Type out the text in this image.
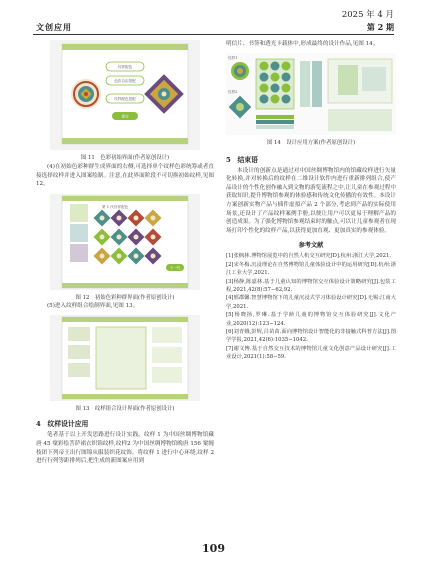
2025 年 4 月
文创应用	第 2 期
纹样配色
色彩自由搭配
纹样配色搭配
提交
图 11　色彩初始界面(作者原创设计)
(4)在初始色彩种群生成界面的右侧,可选择单个纹样色彩统筹或者直接选择纹样并进入图案绘制。注意,在此界面阶段不可切换初始纹样,见图 12。
第 1 代纹样配色
下一代
图 12　初始色彩种群界面(作者原创设计)
(5)进入纹样组合绘制界面,见图 13。
图 13　纹样组合设计界面(作者原创设计)
4　纹样设计应用
笔者基于以上开发思路进行设计实践。纹样 1 为中国丝绸博物馆藏唐 45 窠彩绘菩萨裙衣织锦纹样,纹样2 为中国丝绸博物馆晚唐 156 窠缠枝团下列帝王出行图锦从服装织花纹饰。将纹样 1 进行中心环绕,纹样 2 进行行列等距排列后,把生成的新图案应用到
明信片、书签和透光卡载体中,形成最终的设计作品,见图 14。
纹样1
纹样2
图 14　设计应用方案(作者原创设计)
5　结束语
本设计的创新点是通过对中国丝绸博物馆内的馆藏纹样进行矢量化转换,并对转换后的纹样在二维设计软件内进行重新排列组合,使产品设计的个性化创作融入到文物的游览流程之中,让儿童在参观过程中获取知识,提升博物馆参观的体验感和传统文化传播的有效性。本设计方案创新实物产品与插件虚拟产品 2 个部分,考虑到产品的实际使用场景,还设计了产品纹样案例手册,以便让用户可以更易于理解产品的创造成果。为了强化博物馆参观结束时的触点,可以让儿童参观者在现场打印个性化的纹样产品,以获得更加直观、更加真实的参观体验。
参考文献
[1]张枫林.博物馆展览中的自然人机交互研究[D].杭州:浙江大学,2021.
[2]宋冬梅.沉浸理论在自然博物馆儿童体验设计中的运用研究[D].杭州:浙江工业大学,2021.
[3]杨静,陈嘉林.基于儿童认知的博物馆交互体验设计策略研究[J].包装工程,2021,42(8):57−62,92.
[4]邢郡馨.智慧博物馆下的儿童沉浸式学习体验设计研究[D].无锡:江南大学,2021.
[5]杨晓扬,罗琳.基于学龄儿童的博物馆交互体验研究[J].文化产业,2020(12):123−124.
[6]刘青娥,彭辉,吕苗苗.面向博物馆设计智能化的非接触式科普方法[J].图学学报,2021,42(6):1035−1042.
[7]谢文博.基于自然交互技术的博物馆儿童文化创意产品设计研究[J].工业设计,2021(1):58−59.
109
